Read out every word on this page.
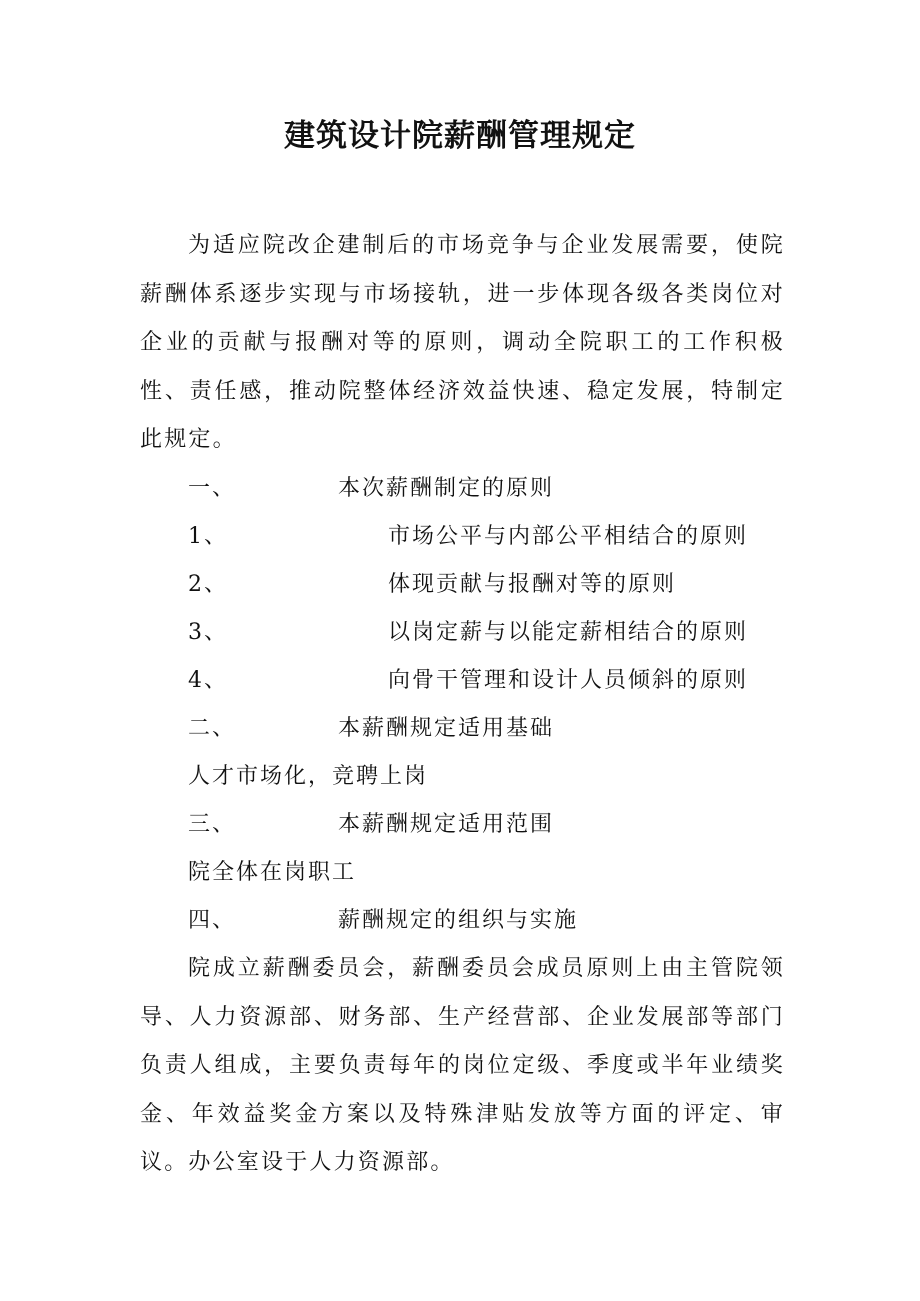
建筑设计院薪酬管理规定

为适应院改企建制后的市场竞争与企业发展需要，使院薪酬体系逐步实现与市场接轨，进一步体现各级各类岗位对企业的贡献与报酬对等的原则，调动全院职工的工作积极性、责任感，推动院整体经济效益快速、稳定发展，特制定此规定。

一、	本次薪酬制定的原则
1、	市场公平与内部公平相结合的原则
2、	体现贡献与报酬对等的原则
3、	以岗定薪与以能定薪相结合的原则
4、	向骨干管理和设计人员倾斜的原则
二、	本薪酬规定适用基础
人才市场化，竞聘上岗
三、	本薪酬规定适用范围
院全体在岗职工
四、	薪酬规定的组织与实施

院成立薪酬委员会，薪酬委员会成员原则上由主管院领导、人力资源部、财务部、生产经营部、企业发展部等部门负责人组成，主要负责每年的岗位定级、季度或半年业绩奖金、年效益奖金方案以及特殊津贴发放等方面的评定、审议。办公室设于人力资源部。
